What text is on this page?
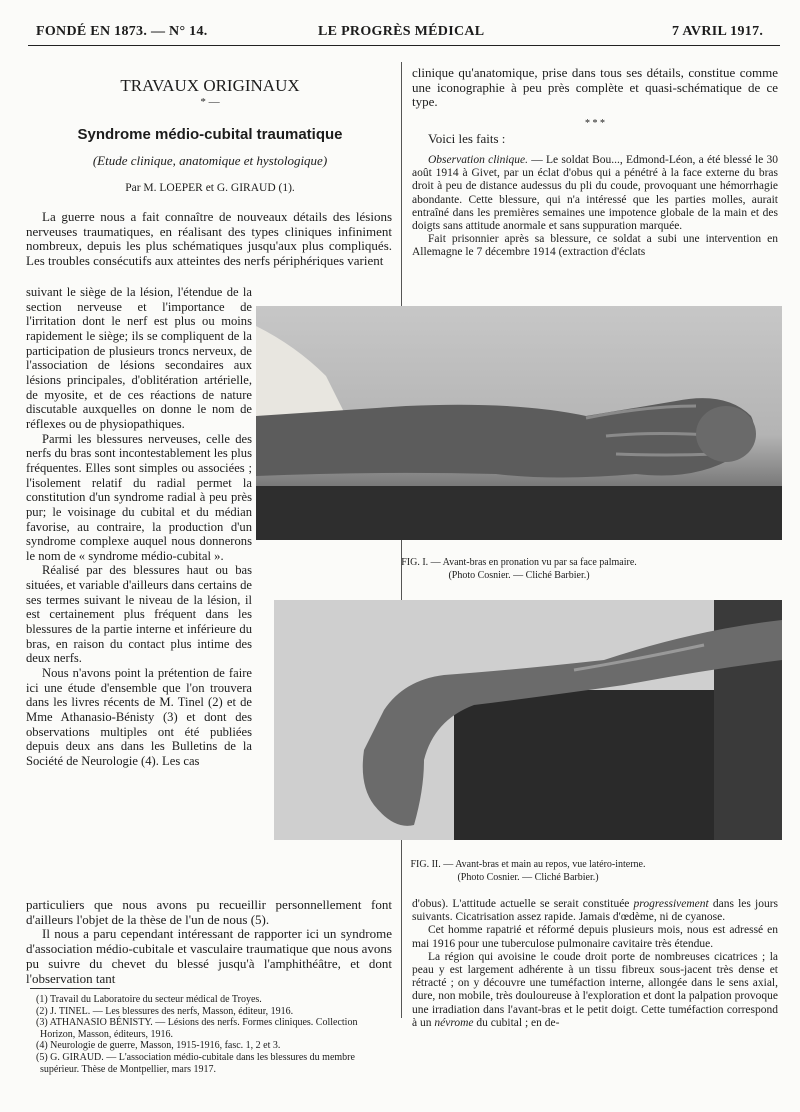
FONDÉ EN 1873. — N° 14.	LE PROGRÈS MÉDICAL	7 AVRIL 1917.
TRAVAUX ORIGINAUX
* —
Syndrome médio-cubital traumatique
(Etude clinique, anatomique et hystologique)
Par M. LOEPER et G. GIRAUD (1).

La guerre nous a fait connaître de nouveaux détails des lésions nerveuses traumatiques, en réalisant des types cliniques infiniment nombreux, depuis les plus schématiques jusqu'aux plus compliqués. Les troubles consécutifs aux atteintes des nerfs périphériques varient

suivant le siège de la lésion, l'étendue de la section nerveuse et l'importance de l'irritation dont le nerf est plus ou moins rapidement le siège; ils se compliquent de la participation de plusieurs troncs nerveux, de l'association de lésions secondaires aux lésions principales, d'oblitération artérielle, de myosite, et de ces réactions de nature discutable auxquelles on donne le nom de réflexes ou de physiopathiques.

Parmi les blessures nerveuses, celle des nerfs du bras sont incontestablement les plus fréquentes. Elles sont simples ou associées ; l'isolement relatif du radial permet la constitution d'un syndrome radial à peu près pur; le voisinage du cubital et du médian favorise, au contraire, la production d'un syndrome complexe auquel nous donnerons le nom de « syndrome médio-cubital ».

Réalisé par des blessures haut ou bas situées, et variable d'ailleurs dans certains de ses termes suivant le niveau de la lésion, il est certainement plus fréquent dans les blessures de la partie interne et inférieure du bras, en raison du contact plus intime des deux nerfs.

Nous n'avons point la prétention de faire ici une étude d'ensemble que l'on trouvera dans les livres récents de M. Tinel (2) et de Mme Athanasio-Bénisty (3) et dont des observations multiples ont été publiées depuis deux ans dans les Bulletins de la Société de Neurologie (4). Les cas

particuliers que nous avons pu recueillir personnellement font d'ailleurs l'objet de la thèse de l'un de nous (5).

Il nous a paru cependant intéressant de rapporter ici un syndrome d'association médio-cubitale et vasculaire traumatique que nous avons pu suivre du chevet du blessé jusqu'à l'amphithéâtre, et dont l'observation tant

(1) Travail du Laboratoire du secteur médical de Troyes.
(2) J. TINEL. — Les blessures des nerfs, Masson, éditeur, 1916.
(3) ATHANASIO BÉNISTY. — Lésions des nerfs. Formes cliniques. Collection Horizon, Masson, éditeurs, 1916.
(4) Neurologie de guerre, Masson, 1915-1916, fasc. 1, 2 et 3.
(5) G. GIRAUD. — L'association médio-cubitale dans les blessures du membre supérieur. Thèse de Montpellier, mars 1917.

clinique qu'anatomique, prise dans tous ses détails, constitue comme une iconographie à peu près complète et quasi-schématique de ce type.

* * *

Voici les faits :

Observation clinique. — Le soldat Bou..., Edmond-Léon, a été blessé le 30 août 1914 à Givet, par un éclat d'obus qui a pénétré à la face externe du bras droit à peu de distance audessus du pli du coude, provoquant une hémorrhagie abondante. Cette blessure, qui n'a intéressé que les parties molles, aurait entraîné dans les premières semaines une impotence globale de la main et des doigts sans attitude anormale et sans suppuration marquée.

Fait prisonnier après sa blessure, ce soldat a subi une intervention en Allemagne le 7 décembre 1914 (extraction d'éclats

FIG. I. — Avant-bras en pronation vu par sa face palmaire.
(Photo Cosnier. — Cliché Barbier.)
FIG. II. — Avant-bras et main au repos, vue latéro-interne.
(Photo Cosnier. — Cliché Barbier.)

d'obus). L'attitude actuelle se serait constituée progressivement dans les jours suivants. Cicatrisation assez rapide. Jamais d'œdème, ni de cyanose.

Cet homme rapatrié et réformé depuis plusieurs mois, nous est adressé en mai 1916 pour une tuberculose pulmonaire cavitaire très étendue.

La région qui avoisine le coude droit porte de nombreuses cicatrices ; la peau y est largement adhérente à un tissu fibreux sous-jacent très dense et rétracté ; on y découvre une tuméfaction interne, allongée dans le sens axial, dure, non mobile, très douloureuse à l'exploration et dont la palpation provoque une irradiation dans l'avant-bras et le petit doigt. Cette tuméfaction correspond à un névrome du cubital ; en de-
